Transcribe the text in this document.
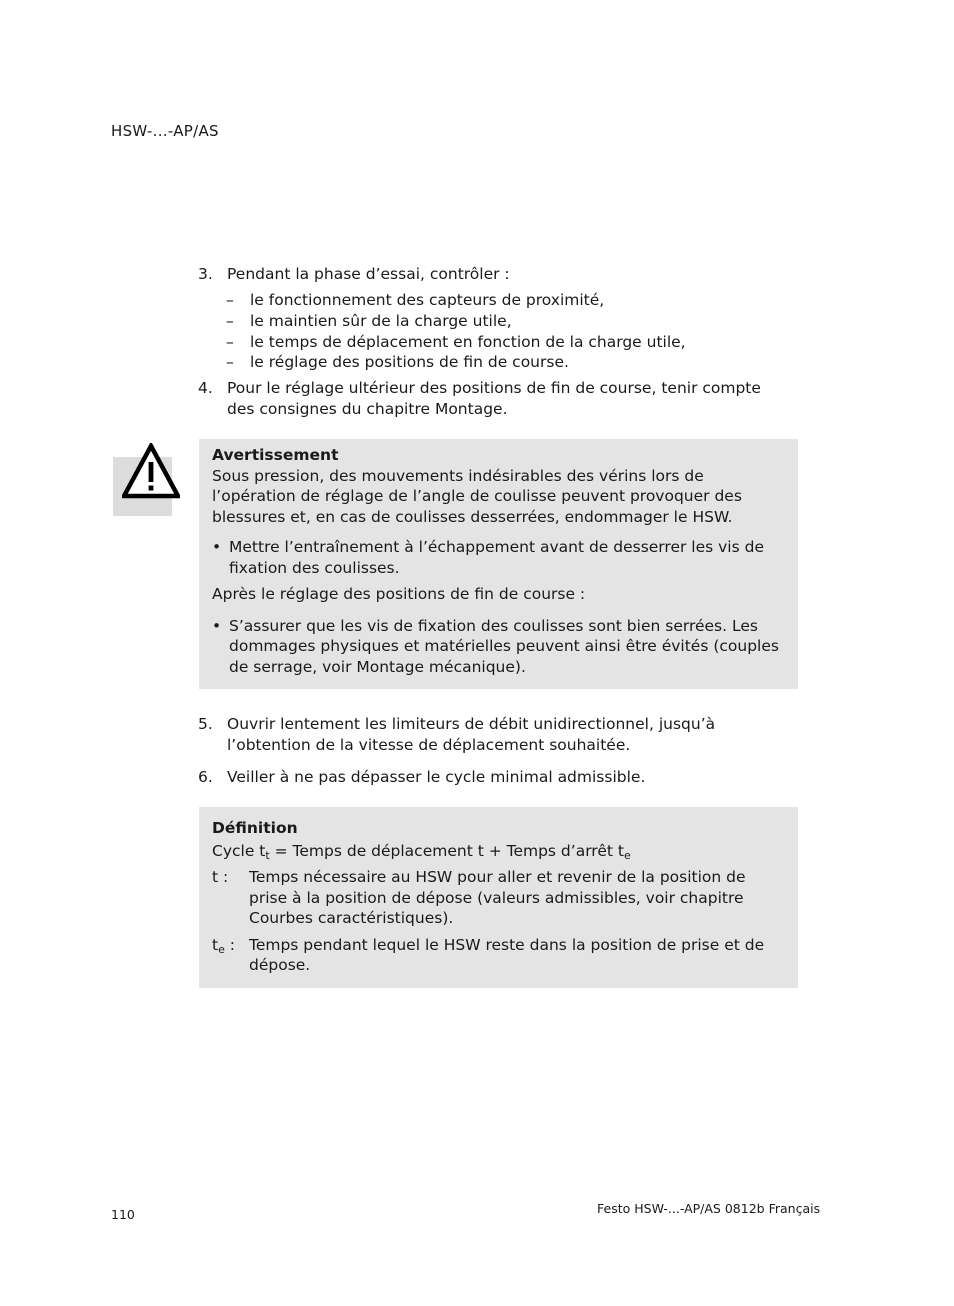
HSW-...-AP/AS
3. Pendant la phase d’essai, contrôler :
– le fonctionnement des capteurs de proximité,
– le maintien sûr de la charge utile,
– le temps de déplacement en fonction de la charge utile,
– le réglage des positions de fin de course.
4. Pour le réglage ultérieur des positions de fin de course, tenir compte des consignes du chapitre Montage.
Avertissement
Sous pression, des mouvements indésirables des vérins lors de l’opération de réglage de l’angle de coulisse peuvent provoquer des blessures et, en cas de coulisses desserrées, endommager le HSW.
• Mettre l’entraînement à l’échappement avant de desserrer les vis de fixation des coulisses.
Après le réglage des positions de fin de course :
• S’assurer que les vis de fixation des coulisses sont bien serrées. Les dommages physiques et matérielles peuvent ainsi être évités (couples de serrage, voir Montage mécanique).
5. Ouvrir lentement les limiteurs de débit unidirectionnel, jusqu’à l’obtention de la vitesse de déplacement souhaitée.
6. Veiller à ne pas dépasser le cycle minimal admissible.
Définition
Cycle $t_t$ = Temps de déplacement t + Temps d’arrêt $t_e$
t : Temps nécessaire au HSW pour aller et revenir de la position de prise à la position de dépose (valeurs admissibles, voir chapitre Courbes caractéristiques).
$t_e$ : Temps pendant lequel le HSW reste dans la position de prise et de dépose.
110	Festo HSW-...-AP/AS 0812b Français
